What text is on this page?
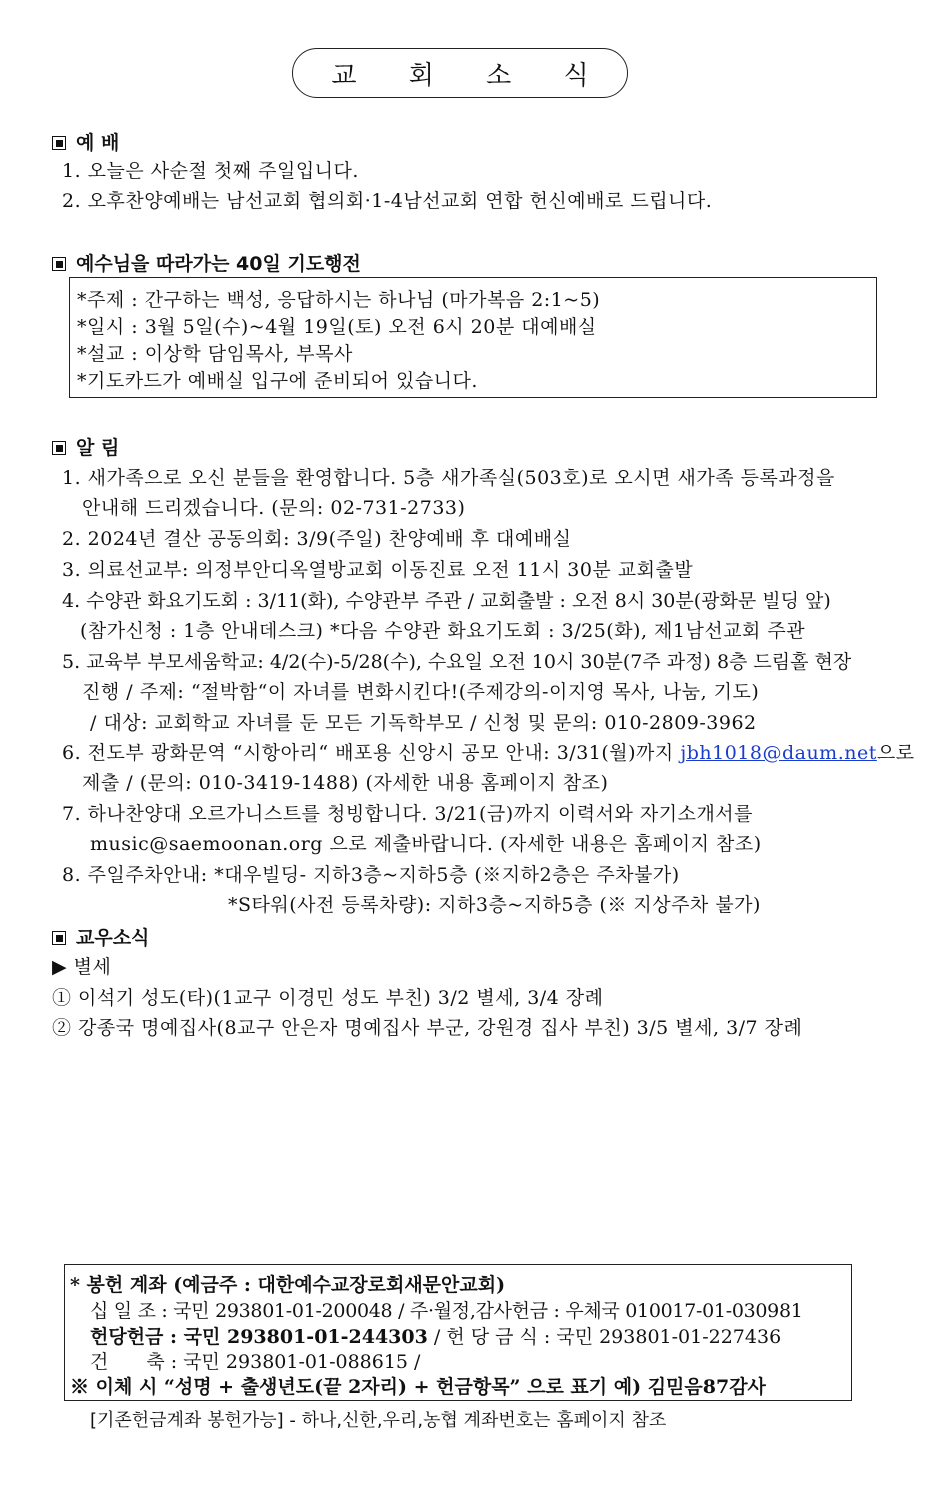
교 회 소 식
예 배
1. 오늘은 사순절 첫째 주일입니다.
2. 오후찬양예배는 남선교회 협의회·1-4남선교회 연합 헌신예배로 드립니다.
예수님을 따라가는 40일 기도행전
*주제 : 간구하는 백성, 응답하시는 하나님 (마가복음 2:1~5)
*일시 : 3월 5일(수)~4월 19일(토) 오전 6시 20분 대예배실
*설교 : 이상학 담임목사, 부목사
*기도카드가 예배실 입구에 준비되어 있습니다.
알 림
1. 새가족으로 오신 분들을 환영합니다. 5층 새가족실(503호)로 오시면 새가족 등록과정을
안내해 드리겠습니다. (문의: 02-731-2733)
2. 2024년 결산 공동의회: 3/9(주일) 찬양예배 후 대예배실
3. 의료선교부: 의정부안디옥열방교회 이동진료 오전 11시 30분 교회출발
4. 수양관 화요기도회 : 3/11(화), 수양관부 주관 / 교회출발 : 오전 8시 30분(광화문 빌딩 앞)
(참가신청 : 1층 안내데스크) *다음 수양관 화요기도회 : 3/25(화), 제1남선교회 주관
5. 교육부 부모세움학교: 4/2(수)-5/28(수), 수요일 오전 10시 30분(7주 과정) 8층 드림홀 현장
진행 / 주제: “절박함“이 자녀를 변화시킨다!(주제강의-이지영 목사, 나눔, 기도)
/ 대상: 교회학교 자녀를 둔 모든 기독학부모 / 신청 및 문의: 010-2809-3962
6. 전도부 광화문역 “시항아리“ 배포용 신앙시 공모 안내: 3/31(월)까지 jbh1018@daum.net으로
제출 / (문의: 010-3419-1488) (자세한 내용 홈페이지 참조)
7. 하나찬양대 오르가니스트를 청빙합니다. 3/21(금)까지 이력서와 자기소개서를
music@saemoonan.org 으로 제출바랍니다. (자세한 내용은 홈페이지 참조)
8. 주일주차안내: *대우빌딩- 지하3층~지하5층 (※지하2층은 주차불가)
*S타워(사전 등록차량): 지하3층~지하5층 (※ 지상주차 불가)
교우소식
▶ 별세
① 이석기 성도(타)(1교구 이경민 성도 부친) 3/2 별세, 3/4 장례
② 강종국 명예집사(8교구 안은자 명예집사 부군, 강원경 집사 부친) 3/5 별세, 3/7 장례
* 봉헌 계좌 (예금주 : 대한예수교장로회새문안교회)
십 일 조 : 국민 293801-01-200048 / 주·월정,감사헌금 : 우체국 010017-01-030981
헌당헌금 : 국민 293801-01-244303 / 헌 당 금 식 : 국민 293801-01-227436
건　　축 : 국민 293801-01-088615 /
※ 이체 시 “성명 + 출생년도(끝 2자리) + 헌금항목” 으로 표기 예) 김믿음87감사
[기존헌금계좌 봉헌가능] - 하나,신한,우리,농협 계좌번호는 홈페이지 참조
